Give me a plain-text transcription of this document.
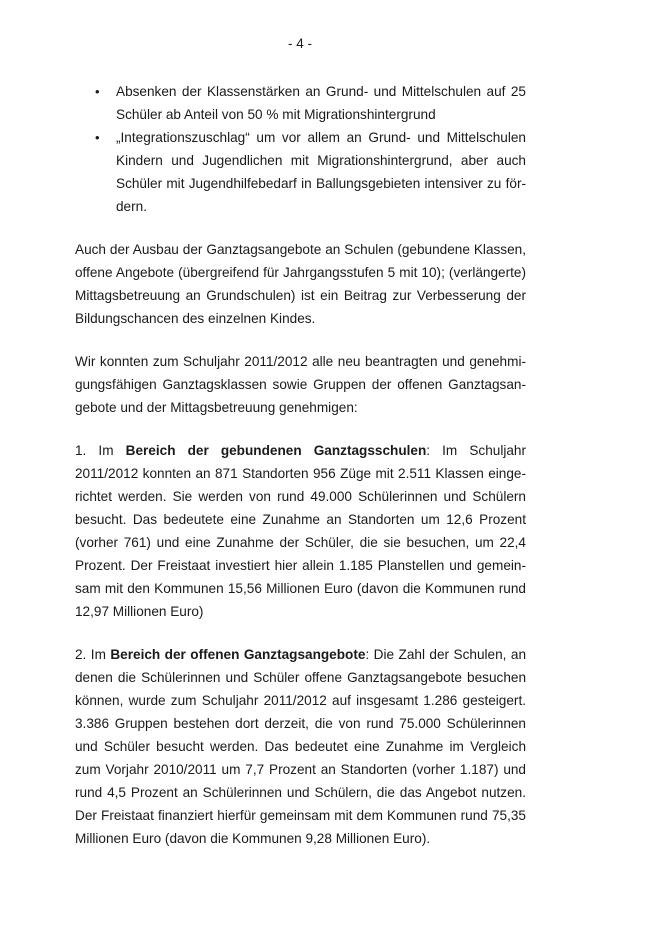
- 4 -
• Absenken der Klassenstärken an Grund- und Mittelschulen auf 25 Schüler ab Anteil von 50 % mit Migrationshintergrund
• „Integrationszuschlag“ um vor allem an Grund- und Mittelschulen Kindern und Jugendlichen mit Migrationshintergrund, aber auch Schüler mit Jugendhilfebedarf in Ballungsgebieten intensiver zu för-dern.

Auch der Ausbau der Ganztagsangebote an Schulen (gebundene Klassen, offene Angebote (übergreifend für Jahrgangsstufen 5 mit 10); (verlängerte) Mittagsbetreuung an Grundschulen) ist ein Beitrag zur Verbesserung der Bildungschancen des einzelnen Kindes.

Wir konnten zum Schuljahr 2011/2012 alle neu beantragten und genehmi-gungsfähigen Ganztagsklassen sowie Gruppen der offenen Ganztagsan-gebote und der Mittagsbetreuung genehmigen:

1. Im Bereich der gebundenen Ganztagsschulen: Im Schuljahr 2011/2012 konnten an 871 Standorten 956 Züge mit 2.511 Klassen einge-richtet werden. Sie werden von rund 49.000 Schülerinnen und Schülern besucht. Das bedeutete eine Zunahme an Standorten um 12,6 Prozent (vorher 761) und eine Zunahme der Schüler, die sie besuchen, um 22,4 Prozent. Der Freistaat investiert hier allein 1.185 Planstellen und gemein-sam mit den Kommunen 15,56 Millionen Euro (davon die Kommunen rund 12,97 Millionen Euro)

2. Im Bereich der offenen Ganztagsangebote: Die Zahl der Schulen, an denen die Schülerinnen und Schüler offene Ganztagsangebote besuchen können, wurde zum Schuljahr 2011/2012 auf insgesamt 1.286 gesteigert. 3.386 Gruppen bestehen dort derzeit, die von rund 75.000 Schülerinnen und Schüler besucht werden. Das bedeutet eine Zunahme im Vergleich zum Vorjahr 2010/2011 um 7,7 Prozent an Standorten (vorher 1.187) und rund 4,5 Prozent an Schülerinnen und Schülern, die das Angebot nutzen. Der Freistaat finanziert hierfür gemeinsam mit dem Kommunen rund 75,35 Millionen Euro (davon die Kommunen 9,28 Millionen Euro).
